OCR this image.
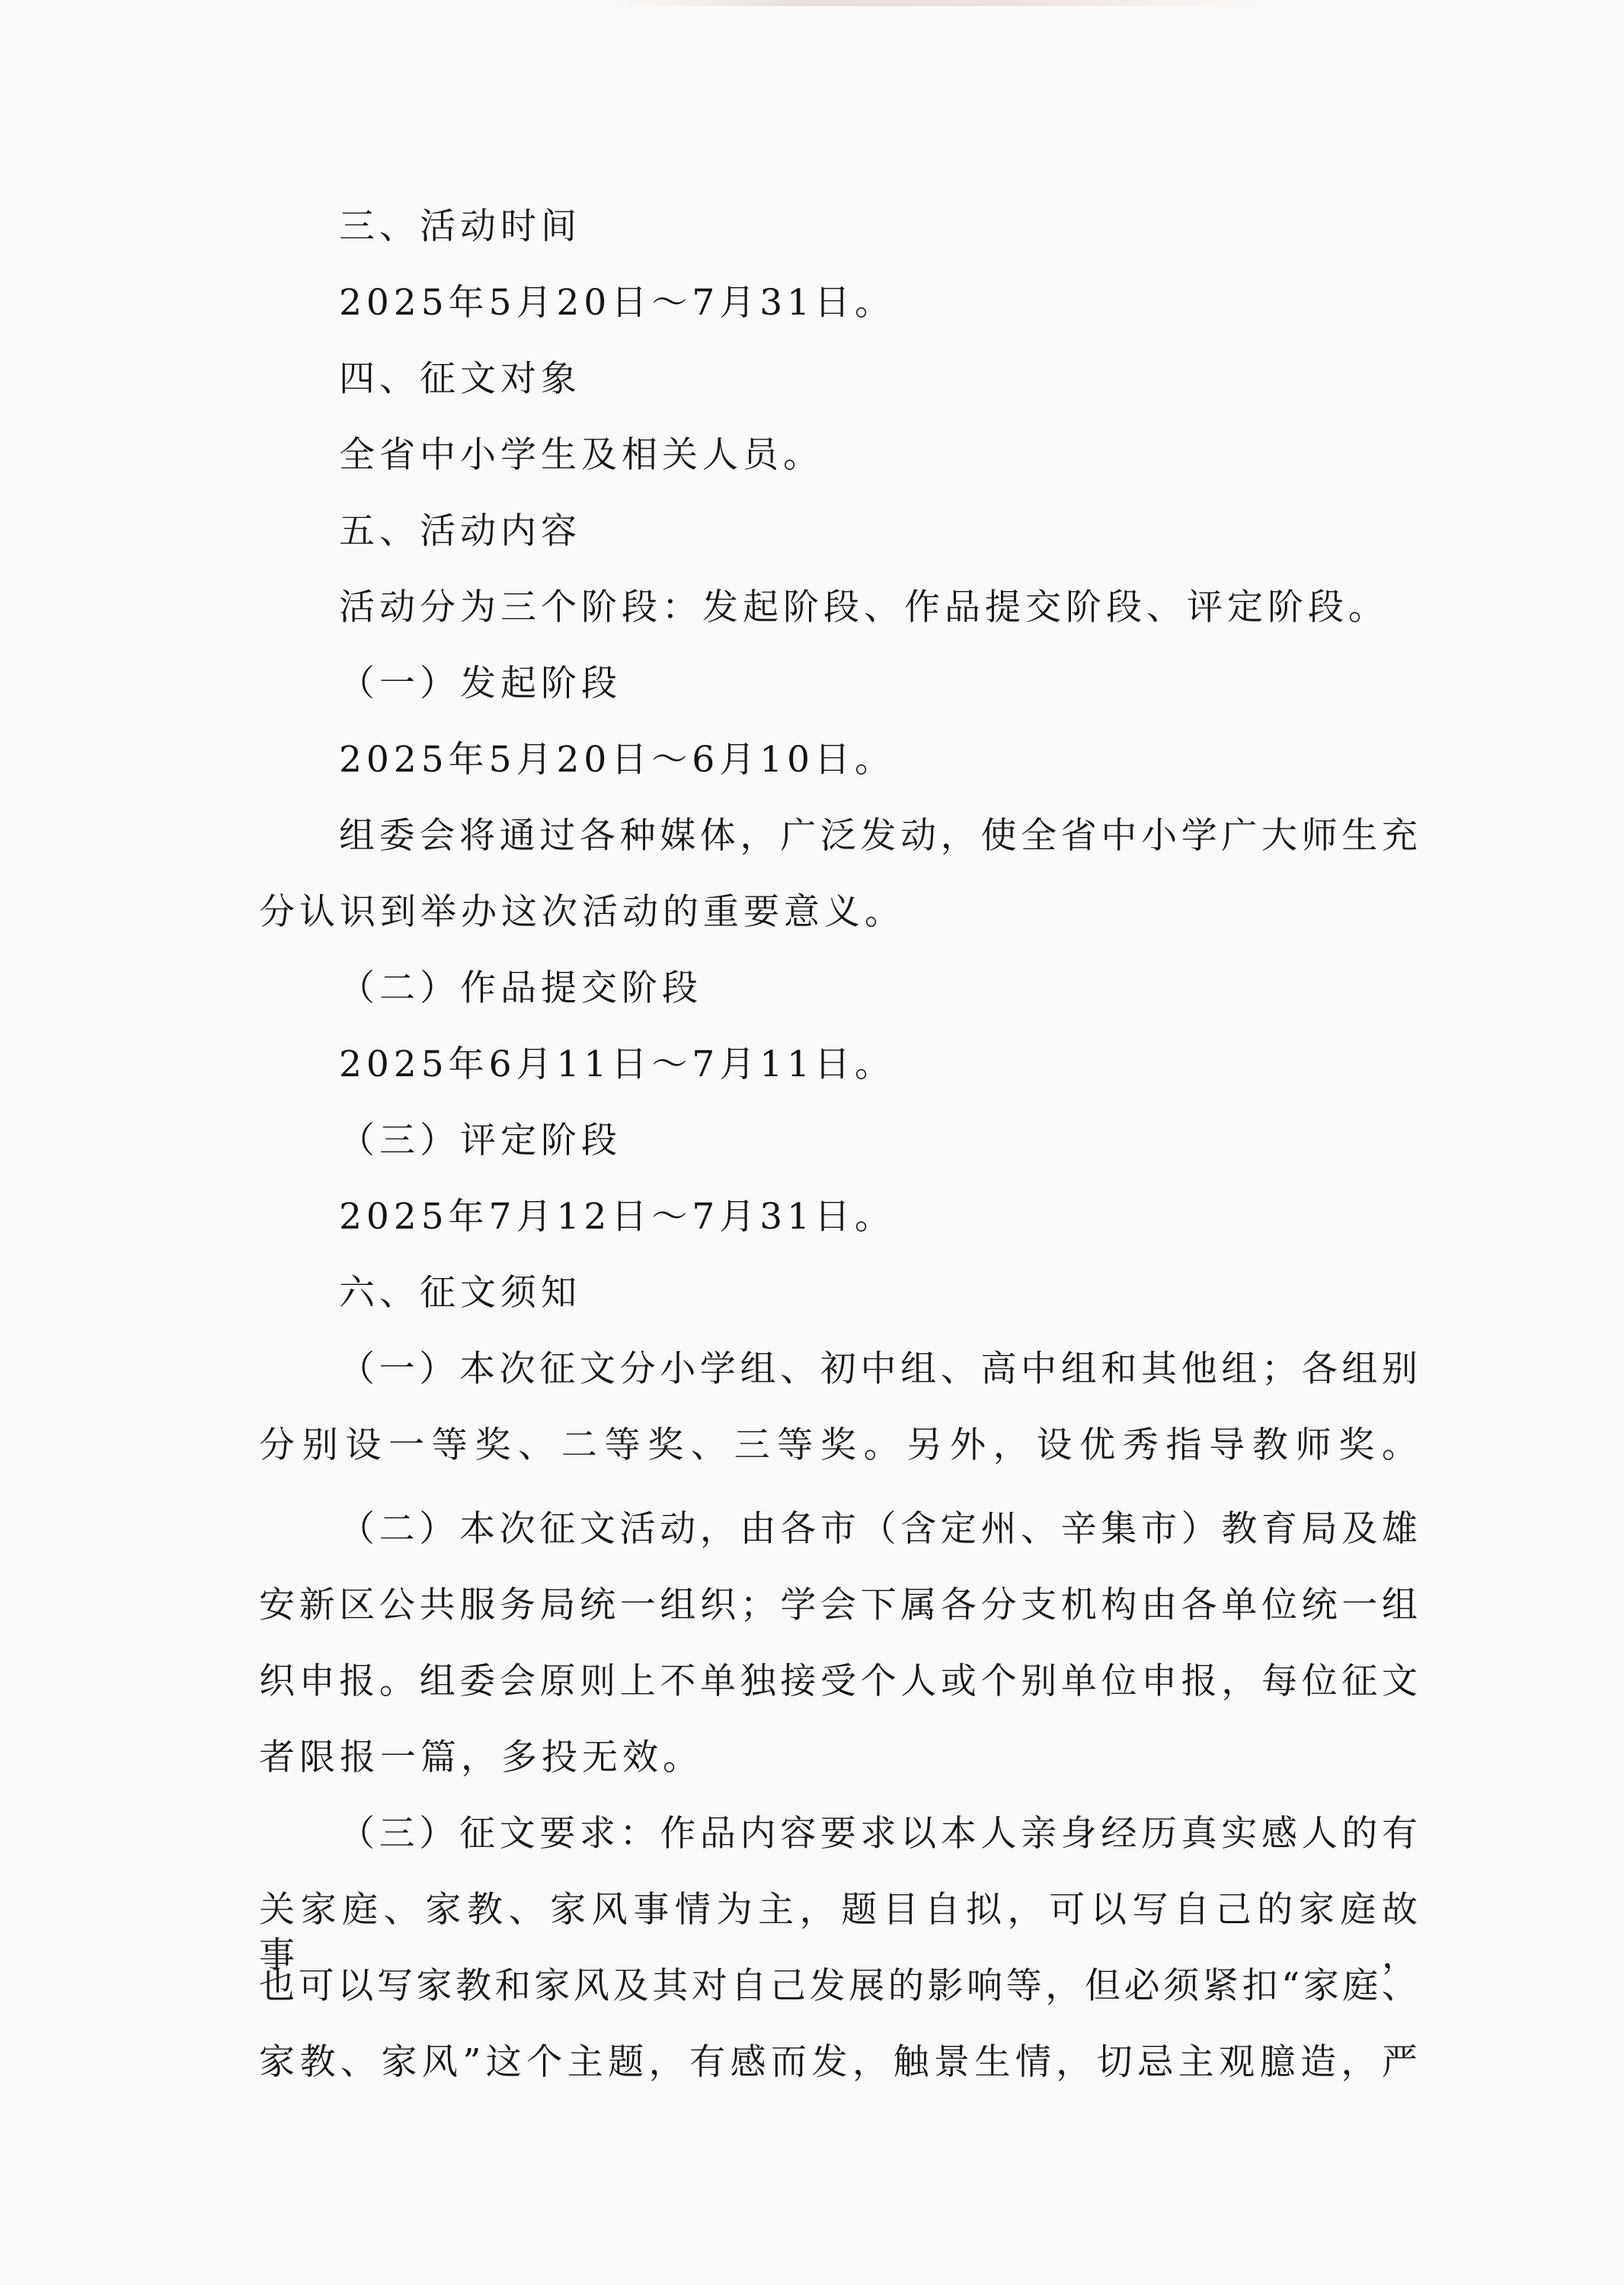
三、活动时间

2025年5月20日～7月31日。

四、征文对象

全省中小学生及相关人员。

五、活动内容

活动分为三个阶段：发起阶段、作品提交阶段、评定阶段。

（一）发起阶段

2025年5月20日～6月10日。

组委会将通过各种媒体，广泛发动，使全省中小学广大师生充

分认识到举办这次活动的重要意义。

（二）作品提交阶段

2025年6月11日～7月11日。

（三）评定阶段

2025年7月12日～7月31日。

六、征文须知

（一）本次征文分小学组、初中组、高中组和其他组；各组别

分别设一等奖、二等奖、三等奖。另外，设优秀指导教师奖。

（二）本次征文活动，由各市（含定州、辛集市）教育局及雄

安新区公共服务局统一组织；学会下属各分支机构由各单位统一组

织申报。组委会原则上不单独接受个人或个别单位申报，每位征文

者限报一篇，多投无效。

（三）征文要求：作品内容要求以本人亲身经历真实感人的有

关家庭、家教、家风事情为主，题目自拟，可以写自己的家庭故事，

也可以写家教和家风及其对自己发展的影响等，但必须紧扣“家庭、

家教、家风”这个主题，有感而发，触景生情，切忌主观臆造，严
